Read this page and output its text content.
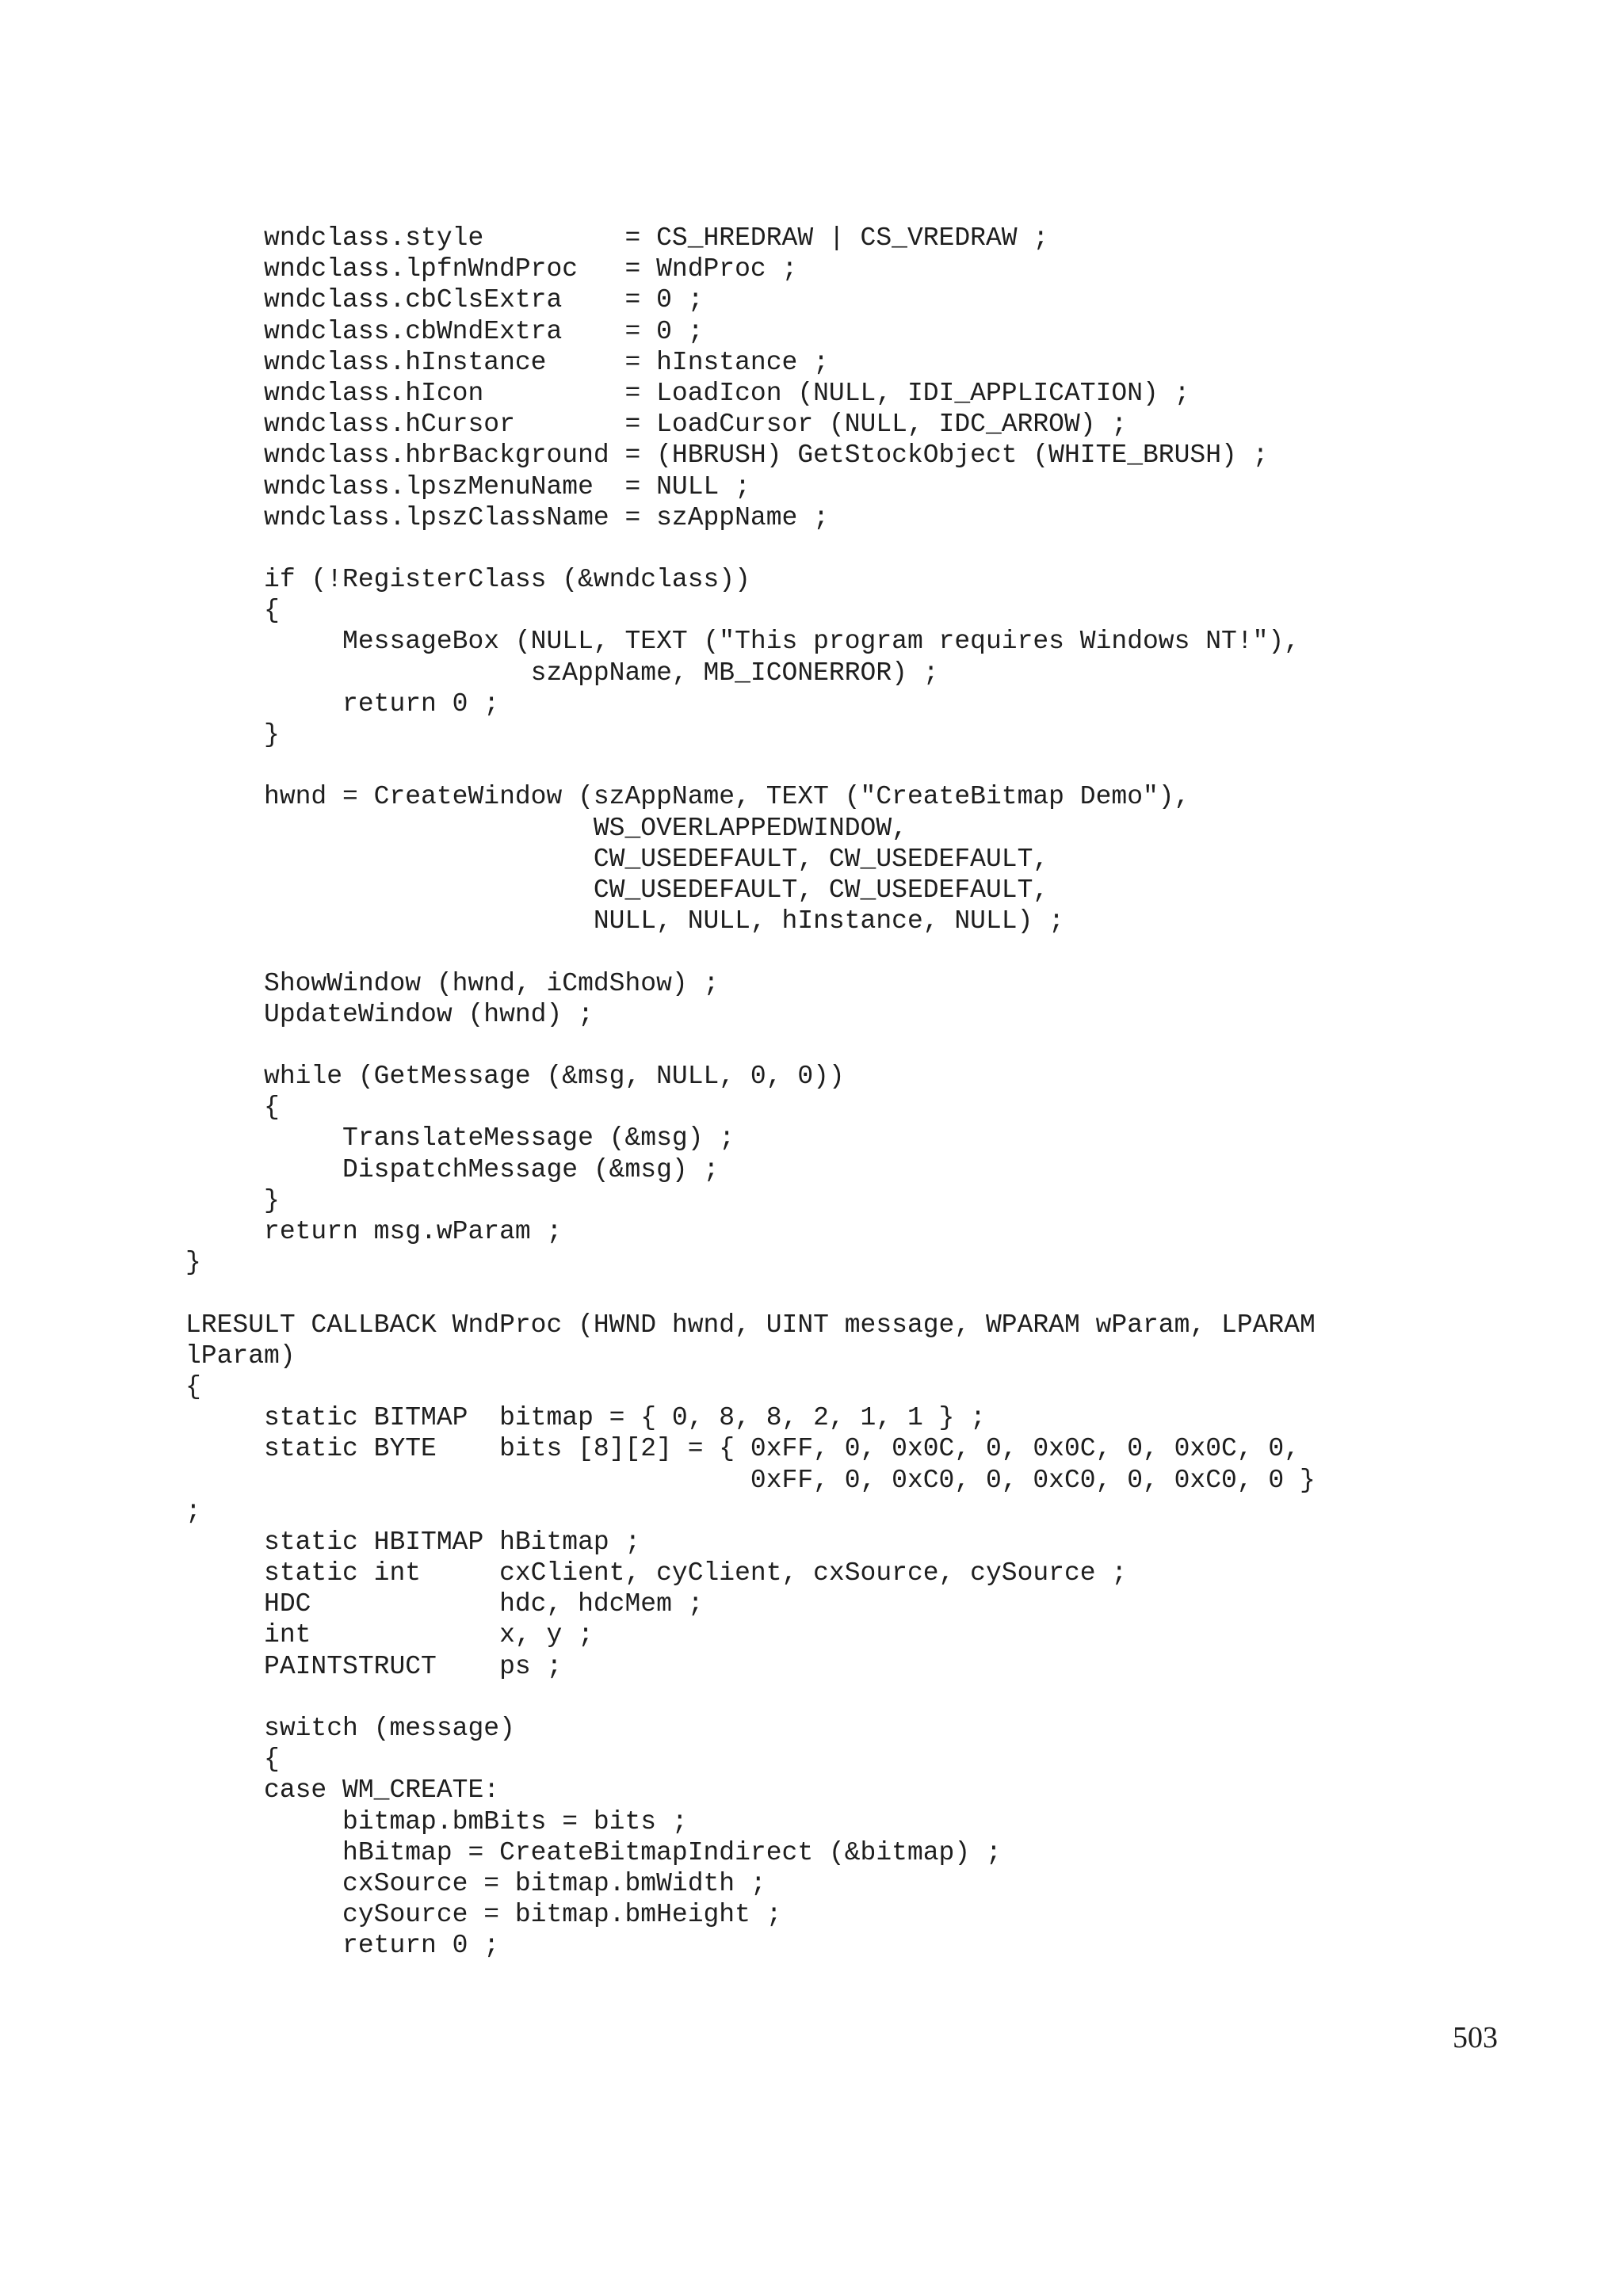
wndclass.style         = CS_HREDRAW | CS_VREDRAW ;
wndclass.lpfnWndProc   = WndProc ;
wndclass.cbClsExtra    = 0 ;
wndclass.cbWndExtra    = 0 ;
wndclass.hInstance     = hInstance ;
wndclass.hIcon         = LoadIcon (NULL, IDI_APPLICATION) ;
wndclass.hCursor       = LoadCursor (NULL, IDC_ARROW) ;
wndclass.hbrBackground = (HBRUSH) GetStockObject (WHITE_BRUSH) ;
wndclass.lpszMenuName  = NULL ;
wndclass.lpszClassName = szAppName ;
if (!RegisterClass (&wndclass))
{
MessageBox (NULL, TEXT ("This program requires Windows NT!"),
szAppName, MB_ICONERROR) ;
return 0 ;
}
hwnd = CreateWindow (szAppName, TEXT ("CreateBitmap Demo"),
WS_OVERLAPPEDWINDOW,
CW_USEDEFAULT, CW_USEDEFAULT,
CW_USEDEFAULT, CW_USEDEFAULT,
NULL, NULL, hInstance, NULL) ;
ShowWindow (hwnd, iCmdShow) ;
UpdateWindow (hwnd) ;
while (GetMessage (&msg, NULL, 0, 0))
{
TranslateMessage (&msg) ;
DispatchMessage (&msg) ;
}
return msg.wParam ;
}
LRESULT CALLBACK WndProc (HWND hwnd, UINT message, WPARAM wParam, LPARAM
lParam)
{
static BITMAP  bitmap = { 0, 8, 8, 2, 1, 1 } ;
static BYTE    bits [8][2] = { 0xFF, 0, 0x0C, 0, 0x0C, 0, 0x0C, 0,
0xFF, 0, 0xC0, 0, 0xC0, 0, 0xC0, 0 }
;
static HBITMAP hBitmap ;
static int     cxClient, cyClient, cxSource, cySource ;
HDC            hdc, hdcMem ;
int            x, y ;
PAINTSTRUCT    ps ;
switch (message)
{
case WM_CREATE:
bitmap.bmBits = bits ;
hBitmap = CreateBitmapIndirect (&bitmap) ;
cxSource = bitmap.bmWidth ;
cySource = bitmap.bmHeight ;
return 0 ;
503
